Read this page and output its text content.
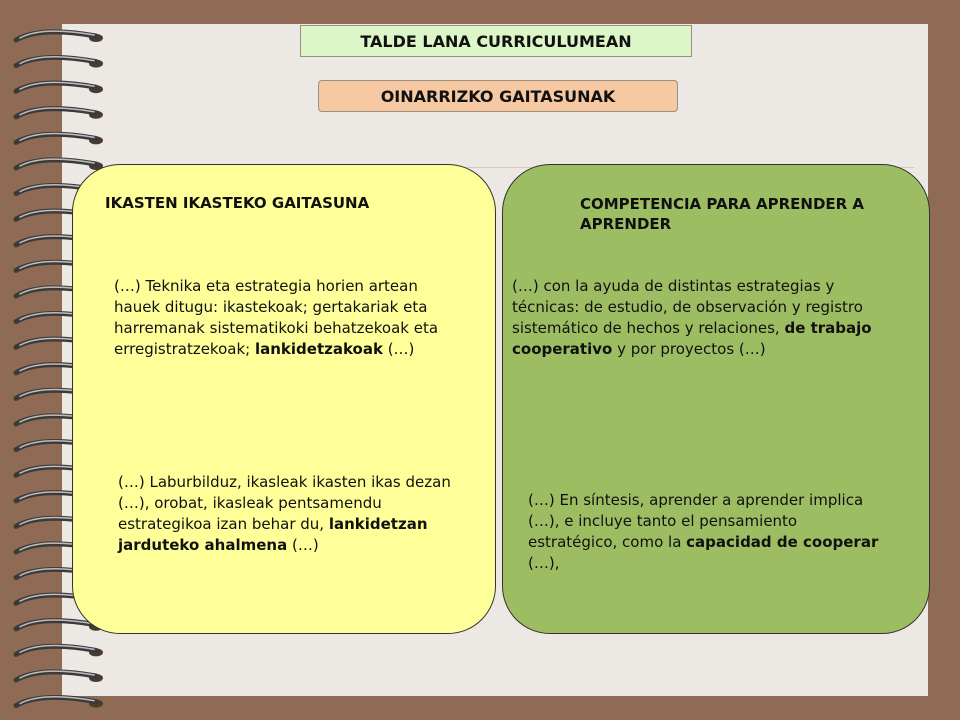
TALDE LANA CURRICULUMEAN
OINARRIZKO GAITASUNAK
IKASTEN IKASTEKO GAITASUNA
(…) Teknika eta estrategia horien artean hauek ditugu: ikastekoak; gertakariak eta harremanak sistematikoki behatzekoak eta erregistratzekoak; lankidetzakoak (…)
(…) Laburbilduz, ikasleak ikasten ikas dezan (…), orobat, ikasleak pentsamendu estrategikoa izan behar du, lankidetzan jarduteko ahalmena (…)
COMPETENCIA PARA APRENDER A APRENDER
(…) con la ayuda de distintas estrategias y técnicas: de estudio, de observación y registro sistemático de hechos y relaciones, de trabajo cooperativo y por proyectos (…)
(…) En síntesis, aprender a aprender implica (…), e incluye tanto el pensamiento estratégico, como la capacidad de cooperar (…),
